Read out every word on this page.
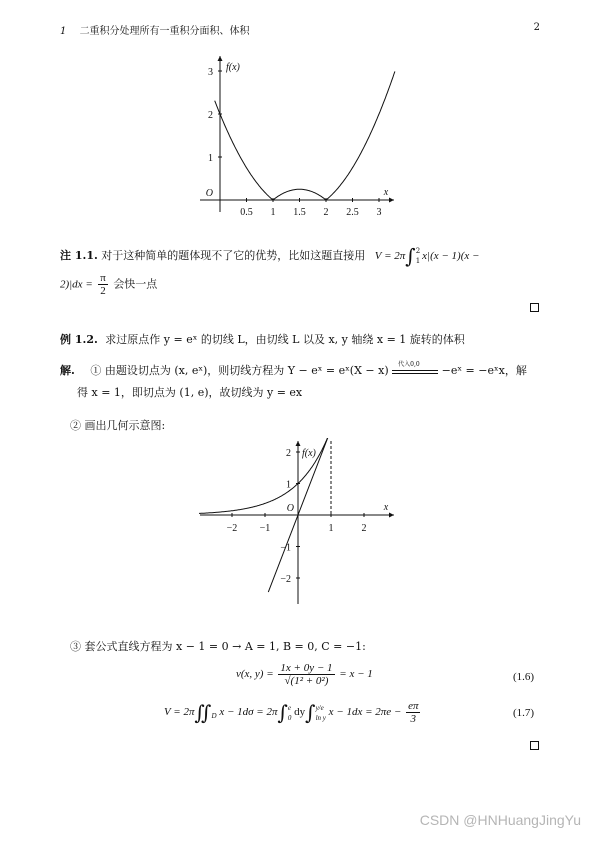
1 二重积分处理所有一重积分面积、体积	2
0.5 1 1.5 2 2.5 3
1
2
3
O
f(x)
x
注 1.1. 对于这种简单的题体现不了它的优势，比如这题直接用 V = 2π∫ 2
1 x|(x − 1)(x −
$2)|dx = \frac{\pi}{2}$ 会快一点
例 1.2. 求过原点作 y = eˣ 的切线 L，由切线 L 以及 x, y 轴绕 x = 1 旋转的体积
解. ① 由题设切点为 (x, eˣ)，则切线方程为 Y − eˣ = eˣ(X − x) 代入0,0 −eˣ = −eˣx，解
得 x = 1，即切点为 (1, e)，故切线为 y = ex
② 画出几何示意图:
−2 −1	1	2
−2
−1
1
2
O
f(x)
x
③ 套公式直线方程为 x − 1 = 0 → A = 1, B = 0, C = −1:
v(x, $y) = \frac{1x + 0y - 1}{\text{√(1² + 0²)}} = x - 1$	(1.6)
$V = 2\pi∬_D$ x − 1dσ = 2π∫ e
0 dy∫ y/e
ln y $x - 1dx = 2\pi e - \frac{e\pi}{3}$	(1.7)
CSDN @HNHuangJingYu
